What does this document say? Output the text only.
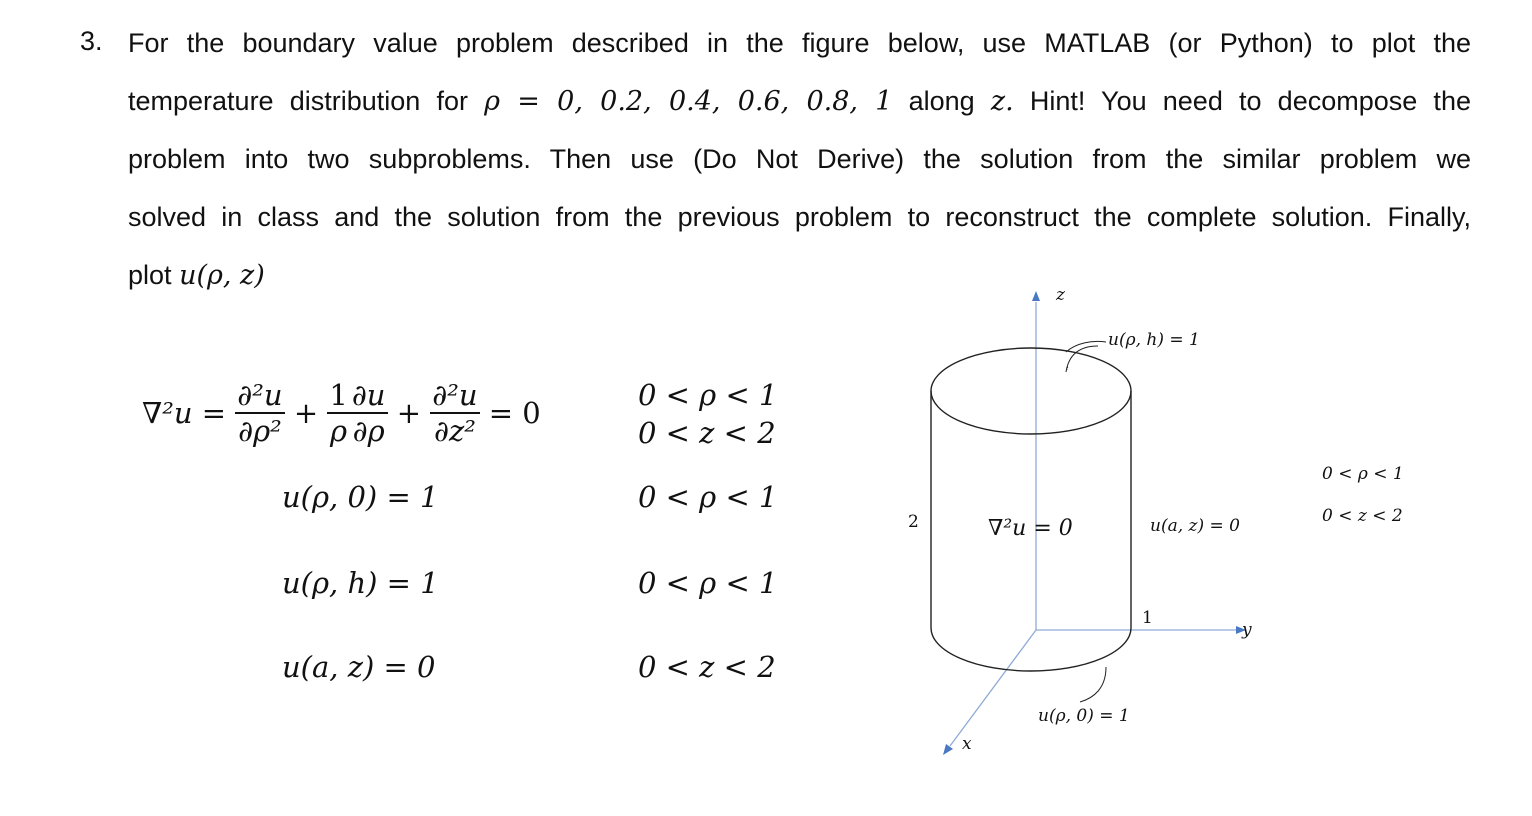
3. For the boundary value problem described in the figure below, use MATLAB (or Python) to plot the
temperature distribution for ρ = 0, 0.2, 0.4, 0.6, 0.8, 1 along z. Hint! You need to decompose the
problem into two subproblems. Then use (Do Not Derive) the solution from the similar problem we
solved in class and the solution from the previous problem to reconstruct the complete solution. Finally,
plot u(ρ, z)
$\nabla^2u = \frac{\text{∂²u}}{\text{∂ρ²}} + \frac{1}{\rho} \frac{\partial u}{\partial\rho} + \frac{\text{∂²u}}{\text{∂z²}} = 0$
u(ρ, 0) = 1
u(ρ, h) = 1
u(a, z) = 0
0 < ρ < 1
0 < z < 2
0 < ρ < 1
0 < ρ < 1
0 < z < 2
z
y
x
u(ρ, h) = 1
∇²u = 0	u(a, z) = 0
u(ρ, 0) = 1
2
1
0 < ρ < 1
0 < z < 2
